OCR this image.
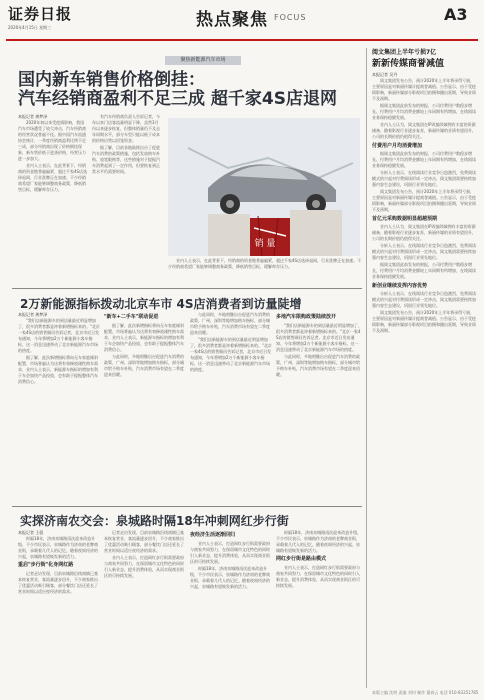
证券日报
2020年4月15日 星期三	热点聚焦 FOCUS	A3
聚焦新能源汽车市场
国内新车销售价格倒挂：
汽车经销商盈利不足三成 超千家4S店退网
本报记者 龚梦泽

2020年初以来受疫情影响，我国汽车市场遭受了较大冲击，汽车经销商的经营状况普遍不佳。据中国汽车流通协会统计，一季度经销商盈利比例不足三成，部分经销商出现了价格倒挂现象，新车售价低于进货价格，经营压力进一步加大。

业内人士表示，在此背景下，经销商的资金链普遍偏紧，超过千家4S店选择退网，行业洗牌正在加速。不少经销商希望厂家能够调整商务政策，降低销售目标，缓解库存压力。

有汽车经销商负责人告诉记者，今年以来门店客流量明显下降，虽然3月份以来逐步恢复，但整体销量仍不及去年同期水平，部分车型只能以低于成本的价格出售以回笼资金。

据了解，目前各地陆续出台了促进汽车消费的政策措施，包括发放购车补贴、放宽限购等，这些措施对于提振汽车消费起到了一定作用，但要恢复到正常水平仍需要时间。

销 量

业内人士表示，在此背景下，经销商的资金链普遍偏紧，超过千家4S店选择退网，行业洗牌正在加速。不少经销商希望厂家能够调整商务政策，降低销售目标，缓解库存压力。

2万新能源指标拨动北京车市 4S店消费者到访量陡增
本报记者 龚梦泽

"我们店新能源车的到店量最近明显增加了，很多消费者都是冲着新增指标来的。"北京一家4S店的销售顾问告诉记者，北京市近日发布通知，今年将增加2万个新能源小客车指标，这一消息迅速带动了北京新能源汽车市场的热度。

据了解，此次新增指标将向无车家庭倾斜配置，市场普遍认为这将有效释放刚性购车需求，业内人士表示，新能源车指标的增加有利于车企加快产品投放，也有助于提振整体汽车消费信心。

"新车+二手车"联动促进

据了解，此次新增指标将向无车家庭倾斜配置，市场普遍认为这将有效释放刚性购车需求，业内人士表示，新能源车指标的增加有利于车企加快产品投放，也有助于提振整体汽车消费信心。

与此同时，多地相继出台促进汽车消费的政策，广州、深圳等地增加购车指标，部分城市给予购车补贴，汽车消费市场有望在二季度迎来回暖。

与此同时，多地相继出台促进汽车消费的政策，广州、深圳等地增加购车指标，部分城市给予购车补贴，汽车消费市场有望在二季度迎来回暖。

"我们店新能源车的到店量最近明显增加了，很多消费者都是冲着新增指标来的。"北京一家4S店的销售顾问告诉记者，北京市近日发布通知，今年将增加2万个新能源小客车指标，这一消息迅速带动了北京新能源汽车市场的热度。

多地汽车限购政策陆续放开

"我们店新能源车的到店量最近明显增加了，很多消费者都是冲着新增指标来的。"北京一家4S店的销售顾问告诉记者，北京市近日发布通知，今年将增加2万个新能源小客车指标，这一消息迅速带动了北京新能源汽车市场的热度。

与此同时，多地相继出台促进汽车消费的政策，广州、深圳等地增加购车指标，部分城市给予购车补贴，汽车消费市场有望在二季度迎来回暖。

实探济南农交会：泉城路时隔18年冲刺网红步行街
本报记者 王僖

时隔18年，济南泉城路再次迎来改造升级，不少市民表示，泉城路作为济南的老牌商业街，承载着几代人的记忆。随着夜间经济的兴起，泉城路有望焕发新的活力。

重启"步行街"化身网红路

记者走访发现，目前泉城路沿线商铺已基本恢复营业，客流量逐步回升，不少商家推出了优惠活动吸引顾客，部分餐饮门店还延长了营业时间以适应夜经济的需求。

记者走访发现，目前泉城路沿线商铺已基本恢复营业，客流量逐步回升，不少商家推出了优惠活动吸引顾客，部分餐饮门店还延长了营业时间以适应夜经济的需求。

业内人士表示，打造网红步行街需要政府与商家共同努力，在保留城市文化特色的同时引入新业态，提升消费体验，从而实现商业街区的可持续发展。

夜经济生活逐渐回归

业内人士表示，打造网红步行街需要政府与商家共同努力，在保留城市文化特色的同时引入新业态，提升消费体验，从而实现商业街区的可持续发展。

时隔18年，济南泉城路再次迎来改造升级，不少市民表示，泉城路作为济南的老牌商业街，承载着几代人的记忆。随着夜间经济的兴起，泉城路有望焕发新的活力。

时隔18年，济南泉城路再次迎来改造升级，不少市民表示，泉城路作为济南的老牌商业街，承载着几代人的记忆。随着夜间经济的兴起，泉城路有望焕发新的活力。

网红步行街是路由模式

业内人士表示，打造网红步行街需要政府与商家共同努力，在保留城市文化特色的同时引入新业态，提升消费体验，从而实现商业街区的可持续发展。

阅文集团上半年亏损7亿
新新传媒商誉减值
本报记者 吴丹

阅文集团发布公告，预计2020年上半年将录得亏损，主要原因是对新丽传媒计提商誉减值。公告显示，由于受疫情影响，新丽传媒部分影视项目拍摄和播出延期，导致业绩不及预期。

据阅文集团此前发布的财报，公司付费用户数稳步增长，付费用户月均消费金额较上年同期有所增加，在线阅读业务保持稳健发展。

业内人士认为，阅文集团在IP改编领域拥有丰富的资源储备，随着影视行业逐步复苏，新丽传媒的业绩有望回升，公司的长期价值仍值得关注。

付费用户月均消费增加

据阅文集团此前发布的财报，公司付费用户数稳步增长，付费用户月均消费金额较上年同期有所增加，在线阅读业务保持稳健发展。

分析人士表示，在线阅读行业竞争日趋激烈，免费阅读模式的兴起对付费阅读形成一定冲击，阅文集团需要持续加强内容生态建设，巩固行业领先地位。

阅文集团发布公告，预计2020年上半年将录得亏损，主要原因是对新丽传媒计提商誉减值。公告显示，由于受疫情影响，新丽传媒部分影视项目拍摄和播出延期，导致业绩不及预期。

首亿元采购数据明显超越预期

业内人士认为，阅文集团在IP改编领域拥有丰富的资源储备，随着影视行业逐步复苏，新丽传媒的业绩有望回升，公司的长期价值仍值得关注。

分析人士表示，在线阅读行业竞争日趋激烈，免费阅读模式的兴起对付费阅读形成一定冲击，阅文集团需要持续加强内容生态建设，巩固行业领先地位。

据阅文集团此前发布的财报，公司付费用户数稳步增长，付费用户月均消费金额较上年同期有所增加，在线阅读业务保持稳健发展。

新创业继续发挥内容优势

分析人士表示，在线阅读行业竞争日趋激烈，免费阅读模式的兴起对付费阅读形成一定冲击，阅文集团需要持续加强内容生态建设，巩固行业领先地位。

阅文集团发布公告，预计2020年上半年将录得亏损，主要原因是对新丽传媒计提商誉减值。公告显示，由于受疫情影响，新丽传媒部分影视项目拍摄和播出延期，导致业绩不及预期。

本版主编 沈明 责编 刘钊 制作 董春云 电话 010-83251785
